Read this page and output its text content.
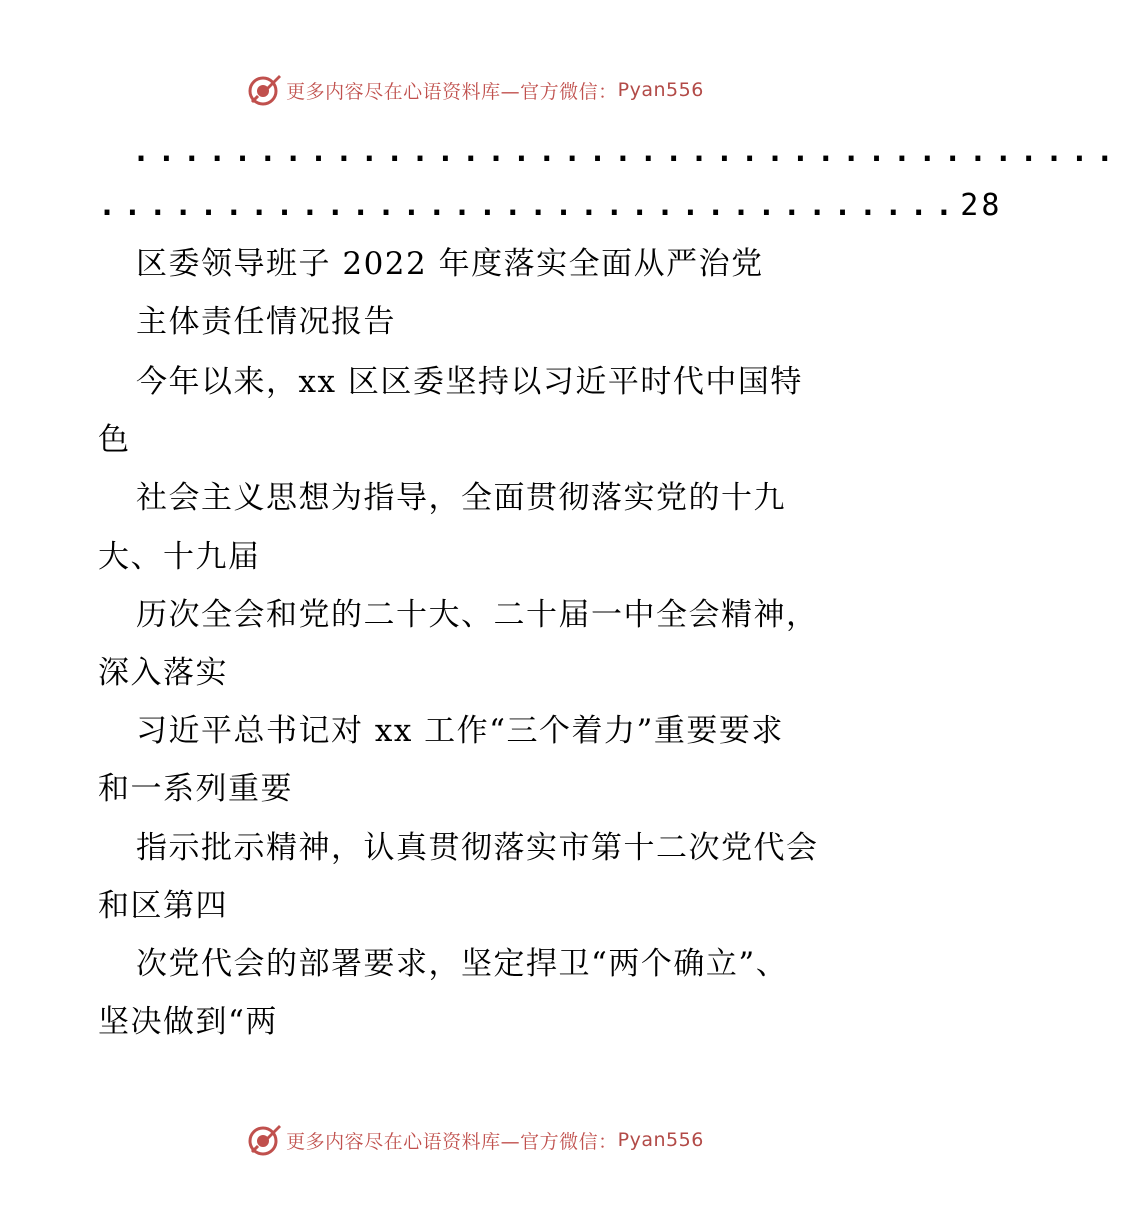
更多内容尽在心语资料库—官方微信： Pyan556
.......................................
..................................28
区委领导班子 2022 年度落实全面从严治党
主体责任情况报告
今年以来，xx 区区委坚持以习近平时代中国特
色
社会主义思想为指导，全面贯彻落实党的十九
大、十九届
历次全会和党的二十大、二十届一中全会精神，
深入落实
习近平总书记对 xx 工作“三个着力”重要要求
和一系列重要
指示批示精神，认真贯彻落实市第十二次党代会
和区第四
次党代会的部署要求，坚定捍卫“两个确立”、
坚决做到“两
更多内容尽在心语资料库—官方微信： Pyan556
